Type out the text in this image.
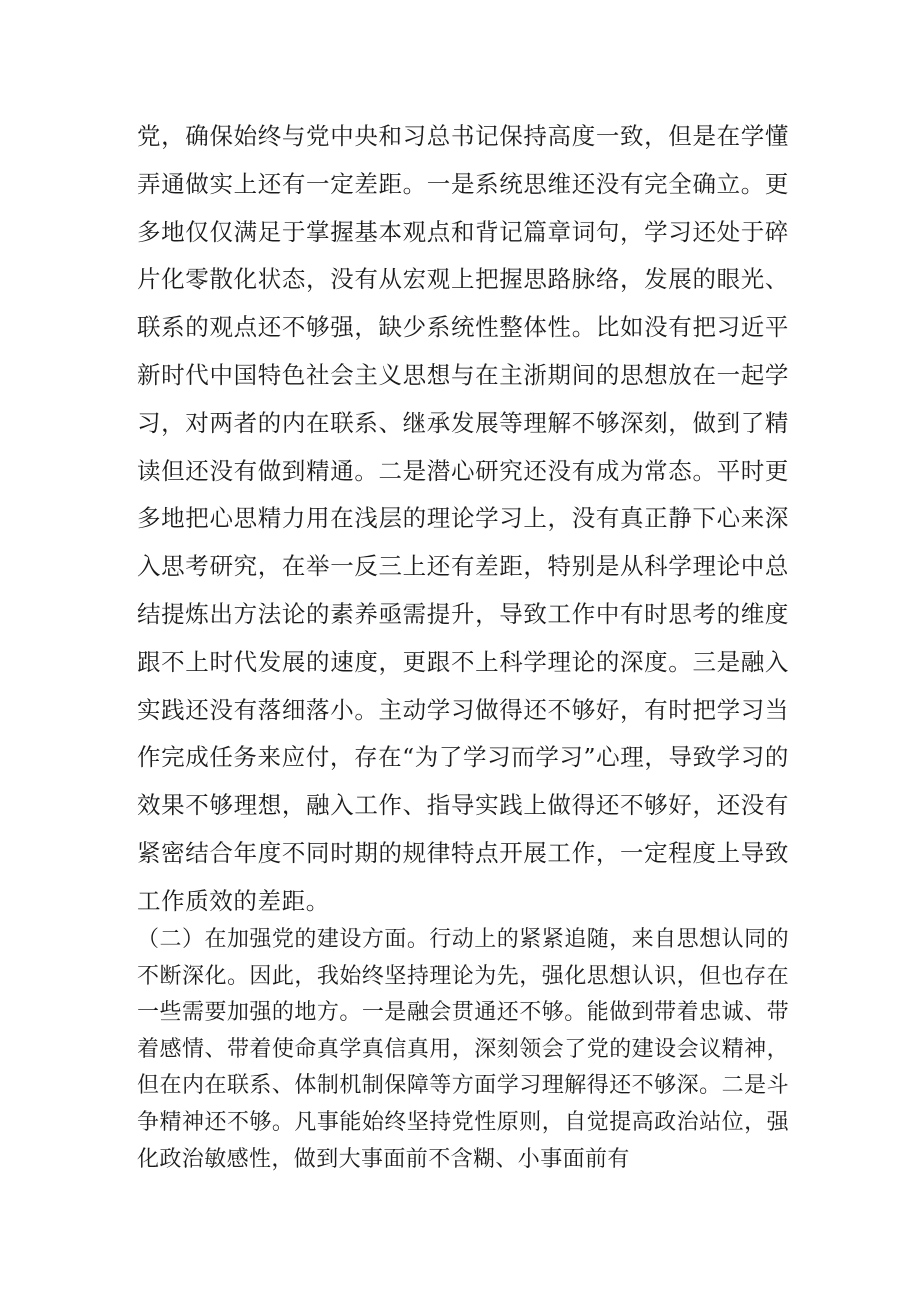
党，确保始终与党中央和习总书记保持高度一致，但是在学懂弄通做实上还有一定差距。一是系统思维还没有完全确立。更多地仅仅满足于掌握基本观点和背记篇章词句，学习还处于碎片化零散化状态，没有从宏观上把握思路脉络，发展的眼光、联系的观点还不够强，缺少系统性整体性。比如没有把习近平新时代中国特色社会主义思想与在主浙期间的思想放在一起学习，对两者的内在联系、继承发展等理解不够深刻，做到了精读但还没有做到精通。二是潜心研究还没有成为常态。平时更多地把心思精力用在浅层的理论学习上，没有真正静下心来深入思考研究，在举一反三上还有差距，特别是从科学理论中总结提炼出方法论的素养亟需提升，导致工作中有时思考的维度跟不上时代发展的速度，更跟不上科学理论的深度。三是融入实践还没有落细落小。主动学习做得还不够好，有时把学习当作完成任务来应付，存在“为了学习而学习”心理，导致学习的效果不够理想，融入工作、指导实践上做得还不够好，还没有紧密结合年度不同时期的规律特点开展工作，一定程度上导致工作质效的差距。

（二）在加强党的建设方面。行动上的紧紧追随，来自思想认同的不断深化。因此，我始终坚持理论为先，强化思想认识，但也存在一些需要加强的地方。一是融会贯通还不够。能做到带着忠诚、带着感情、带着使命真学真信真用，深刻领会了党的建设会议精神，但在内在联系、体制机制保障等方面学习理解得还不够深。二是斗争精神还不够。凡事能始终坚持党性原则，自觉提高政治站位，强化政治敏感性，做到大事面前不含糊、小事面前有
